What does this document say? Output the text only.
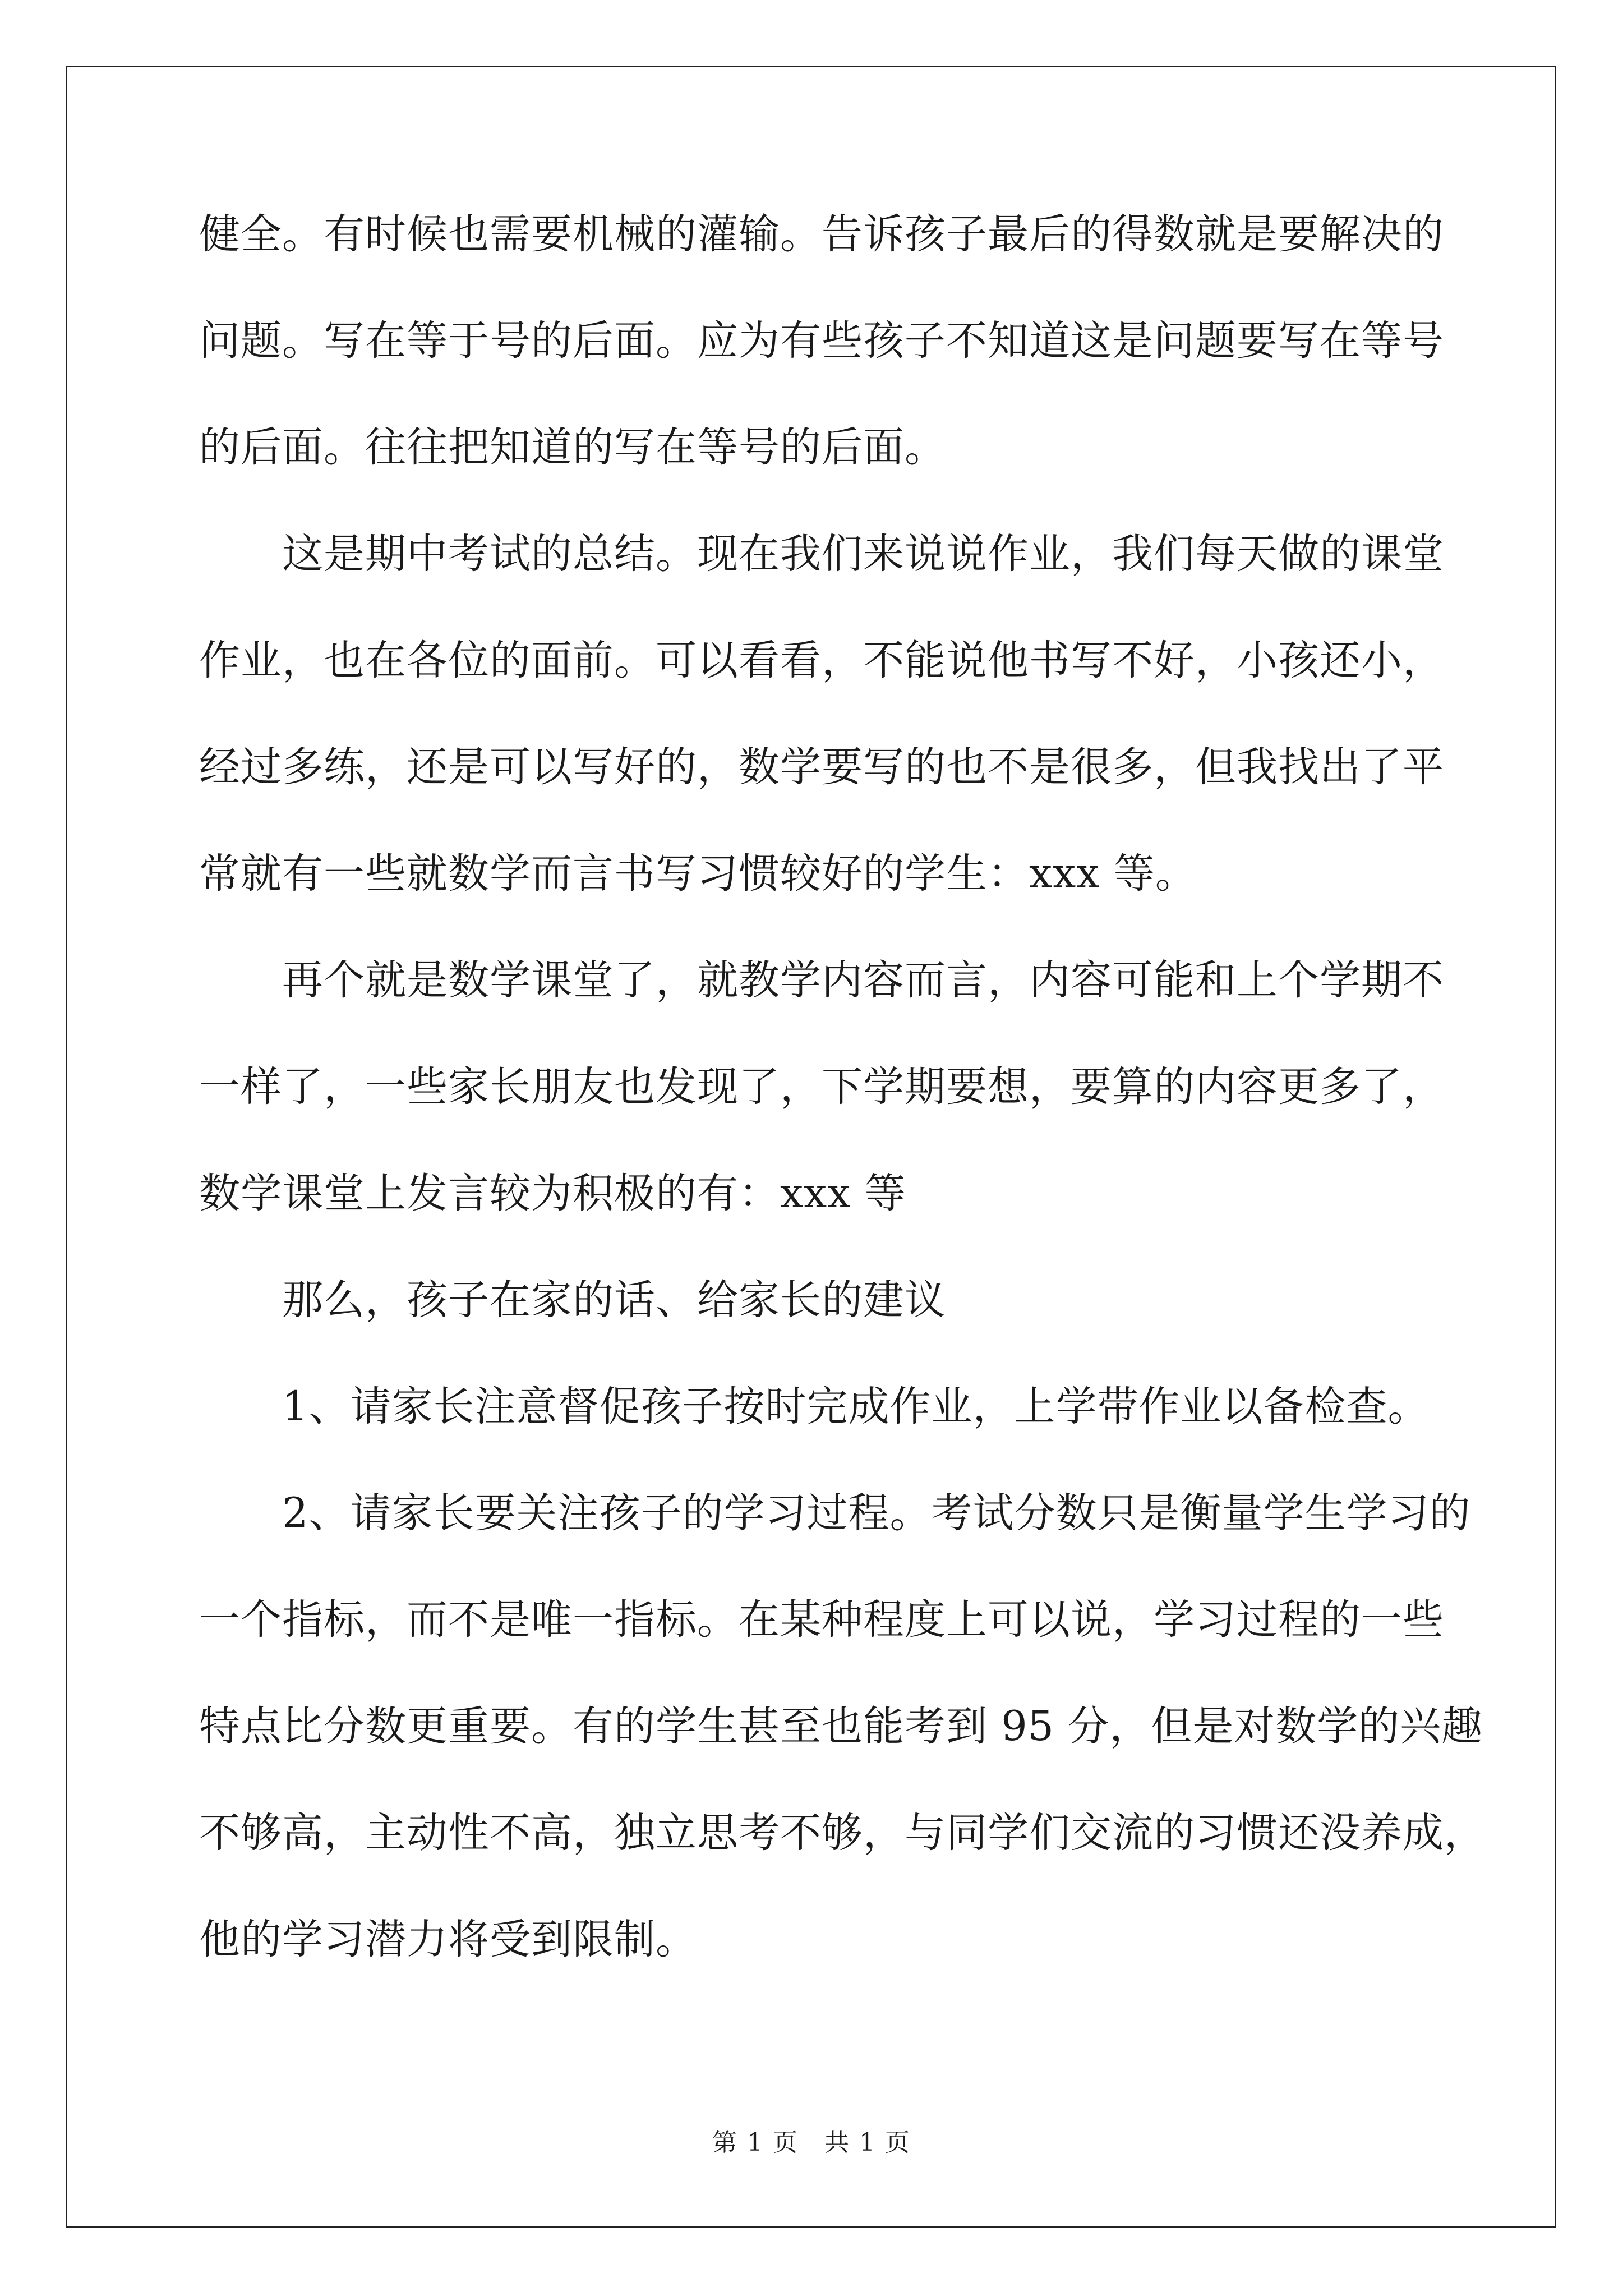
健全。有时候也需要机械的灌输。告诉孩子最后的得数就是要解决的
问题。写在等于号的后面。应为有些孩子不知道这是问题要写在等号
的后面。往往把知道的写在等号的后面。
　　这是期中考试的总结。现在我们来说说作业，我们每天做的课堂
作业，也在各位的面前。可以看看，不能说他书写不好，小孩还小，
经过多练，还是可以写好的，数学要写的也不是很多，但我找出了平
常就有一些就数学而言书写习惯较好的学生：xxx 等。
　　再个就是数学课堂了，就教学内容而言，内容可能和上个学期不
一样了，一些家长朋友也发现了，下学期要想，要算的内容更多了，
数学课堂上发言较为积极的有：xxx 等
　　那么，孩子在家的话、给家长的建议
　　1、请家长注意督促孩子按时完成作业，上学带作业以备检查。
　　2、请家长要关注孩子的学习过程。考试分数只是衡量学生学习的
一个指标，而不是唯一指标。在某种程度上可以说，学习过程的一些
特点比分数更重要。有的学生甚至也能考到 95 分，但是对数学的兴趣
不够高，主动性不高，独立思考不够，与同学们交流的习惯还没养成，
他的学习潜力将受到限制。
第 1 页　共 1 页
